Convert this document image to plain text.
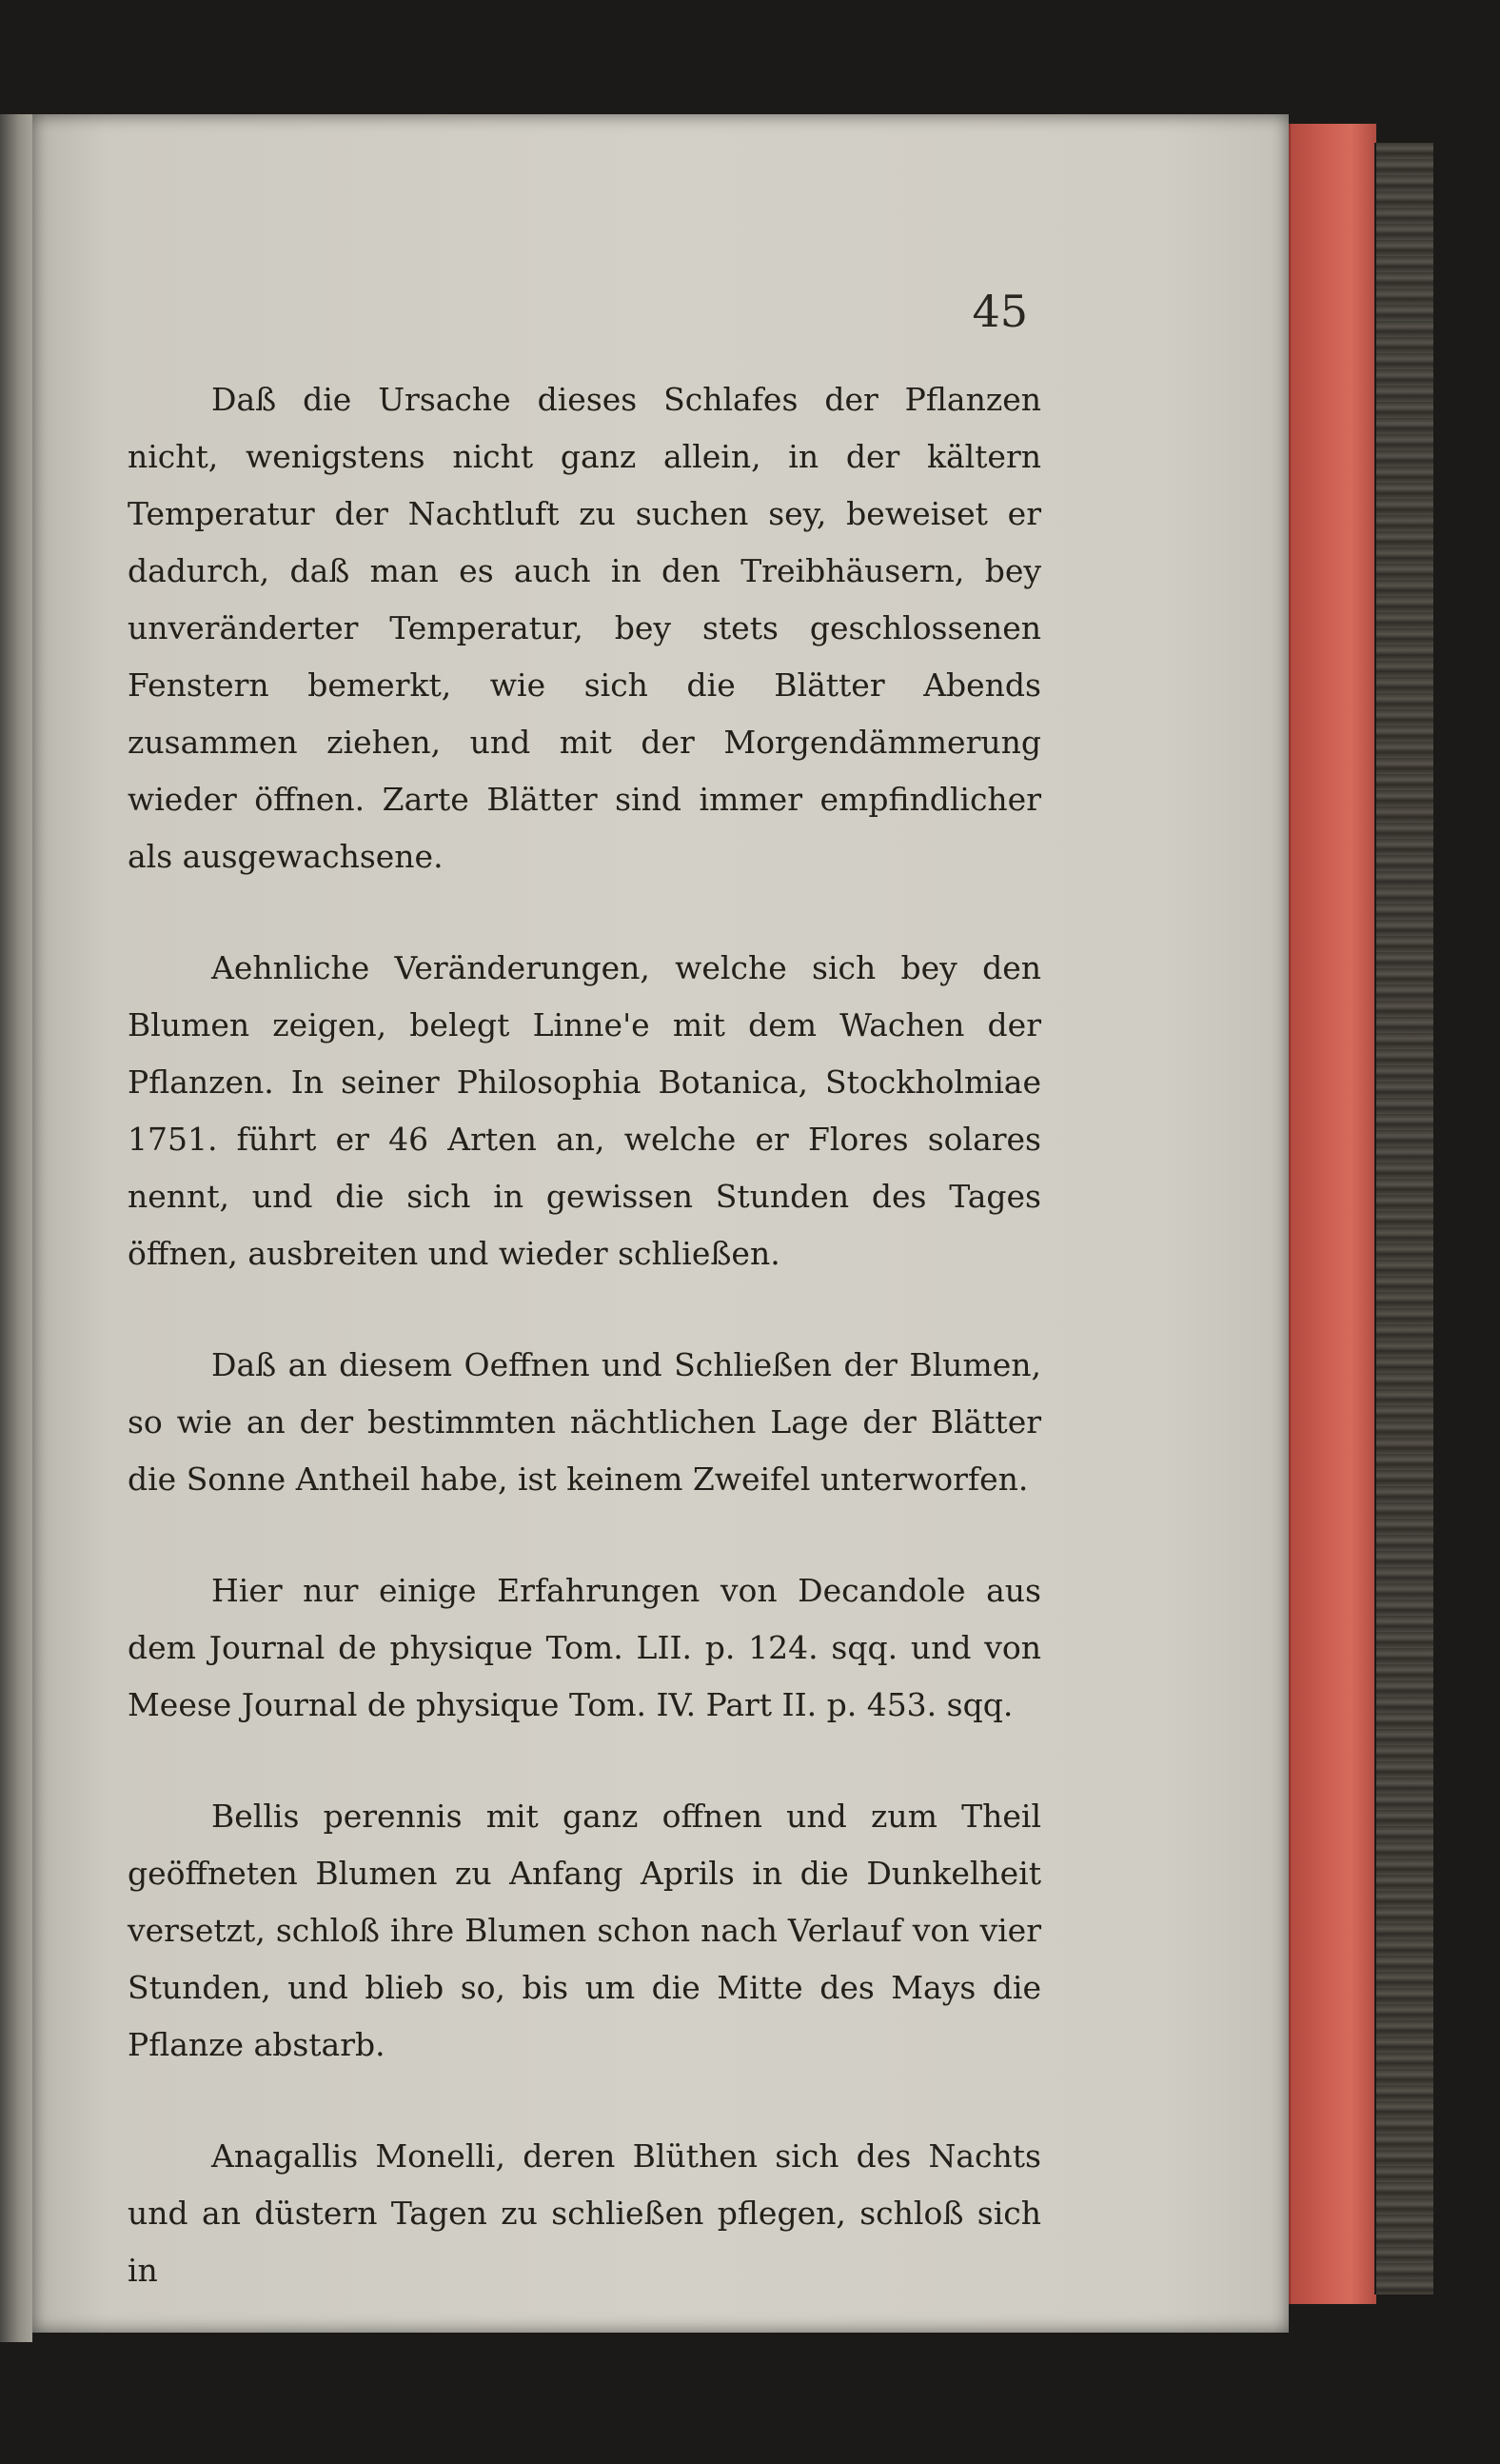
45

Daß die Ursache dieses Schlafes der Pflanzen nicht, wenigstens nicht ganz allein, in der kältern Temperatur der Nachtluft zu suchen sey, beweiset er dadurch, daß man es auch in den Treibhäusern, bey unveränderter Temperatur, bey stets geschlossenen Fenstern bemerkt, wie sich die Blätter Abends zusammen ziehen, und mit der Morgendämmerung wieder öffnen. Zarte Blätter sind immer empfindlicher als ausgewachsene.

Aehnliche Veränderungen, welche sich bey den Blumen zeigen, belegt Linne'e mit dem Wachen der Pflanzen. In seiner Philosophia Botanica, Stockholmiae 1751. führt er 46 Arten an, welche er Flores solares nennt, und die sich in gewissen Stunden des Tages öffnen, ausbreiten und wieder schließen.

Daß an diesem Oeffnen und Schließen der Blumen, so wie an der bestimmten nächtlichen Lage der Blätter die Sonne Antheil habe, ist keinem Zweifel unterworfen.

Hier nur einige Erfahrungen von Decandole aus dem Journal de physique Tom. LII. p. 124. sqq. und von Meese Journal de physique Tom. IV. Part II. p. 453. sqq.

Bellis perennis mit ganz offnen und zum Theil geöffneten Blumen zu Anfang Aprils in die Dunkelheit versetzt, schloß ihre Blumen schon nach Verlauf von vier Stunden, und blieb so, bis um die Mitte des Mays die Pflanze abstarb.

Anagallis Monelli, deren Blüthen sich des Nachts und an düstern Tagen zu schließen pflegen, schloß sich in
